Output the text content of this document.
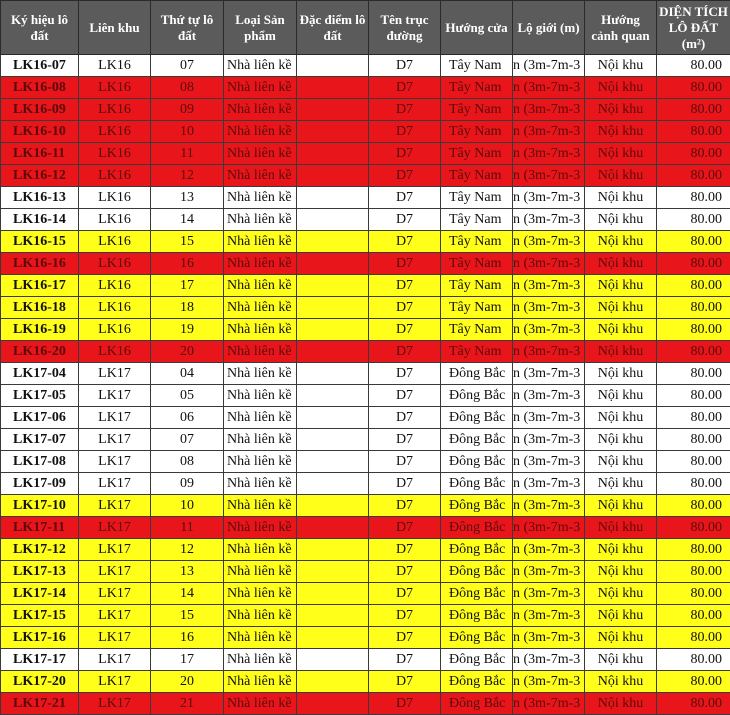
Ký hiệu lô đất	Liên khu	Thứ tự lô đất	Loại Sản phẩm	Đặc điểm lô đất	Tên trục đường	Hướng cửa	Lộ giới (m)	Hướng cảnh quan	DIỆN TÍCH LÔ ĐẤT (m²)
LK16-07	LK16	07	Nhà liên kề		D7	Tây Nam	n (3m-7m-3	Nội khu	80.00
LK16-08	LK16	08	Nhà liên kề		D7	Tây Nam	n (3m-7m-3	Nội khu	80.00
LK16-09	LK16	09	Nhà liên kề		D7	Tây Nam	n (3m-7m-3	Nội khu	80.00
LK16-10	LK16	10	Nhà liên kề		D7	Tây Nam	n (3m-7m-3	Nội khu	80.00
LK16-11	LK16	11	Nhà liên kề		D7	Tây Nam	n (3m-7m-3	Nội khu	80.00
LK16-12	LK16	12	Nhà liên kề		D7	Tây Nam	n (3m-7m-3	Nội khu	80.00
LK16-13	LK16	13	Nhà liên kề		D7	Tây Nam	n (3m-7m-3	Nội khu	80.00
LK16-14	LK16	14	Nhà liên kề		D7	Tây Nam	n (3m-7m-3	Nội khu	80.00
LK16-15	LK16	15	Nhà liên kề		D7	Tây Nam	n (3m-7m-3	Nội khu	80.00
LK16-16	LK16	16	Nhà liên kề		D7	Tây Nam	n (3m-7m-3	Nội khu	80.00
LK16-17	LK16	17	Nhà liên kề		D7	Tây Nam	n (3m-7m-3	Nội khu	80.00
LK16-18	LK16	18	Nhà liên kề		D7	Tây Nam	n (3m-7m-3	Nội khu	80.00
LK16-19	LK16	19	Nhà liên kề		D7	Tây Nam	n (3m-7m-3	Nội khu	80.00
LK16-20	LK16	20	Nhà liên kề		D7	Tây Nam	n (3m-7m-3	Nội khu	80.00
LK17-04	LK17	04	Nhà liên kề		D7	Đông Bắc	n (3m-7m-3	Nội khu	80.00
LK17-05	LK17	05	Nhà liên kề		D7	Đông Bắc	n (3m-7m-3	Nội khu	80.00
LK17-06	LK17	06	Nhà liên kề		D7	Đông Bắc	n (3m-7m-3	Nội khu	80.00
LK17-07	LK17	07	Nhà liên kề		D7	Đông Bắc	n (3m-7m-3	Nội khu	80.00
LK17-08	LK17	08	Nhà liên kề		D7	Đông Bắc	n (3m-7m-3	Nội khu	80.00
LK17-09	LK17	09	Nhà liên kề		D7	Đông Bắc	n (3m-7m-3	Nội khu	80.00
LK17-10	LK17	10	Nhà liên kề		D7	Đông Bắc	n (3m-7m-3	Nội khu	80.00
LK17-11	LK17	11	Nhà liên kề		D7	Đông Bắc	n (3m-7m-3	Nội khu	80.00
LK17-12	LK17	12	Nhà liên kề		D7	Đông Bắc	n (3m-7m-3	Nội khu	80.00
LK17-13	LK17	13	Nhà liên kề		D7	Đông Bắc	n (3m-7m-3	Nội khu	80.00
LK17-14	LK17	14	Nhà liên kề		D7	Đông Bắc	n (3m-7m-3	Nội khu	80.00
LK17-15	LK17	15	Nhà liên kề		D7	Đông Bắc	n (3m-7m-3	Nội khu	80.00
LK17-16	LK17	16	Nhà liên kề		D7	Đông Bắc	n (3m-7m-3	Nội khu	80.00
LK17-17	LK17	17	Nhà liên kề		D7	Đông Bắc	n (3m-7m-3	Nội khu	80.00
LK17-20	LK17	20	Nhà liên kề		D7	Đông Bắc	n (3m-7m-3	Nội khu	80.00
LK17-21	LK17	21	Nhà liên kề		D7	Đông Bắc	n (3m-7m-3	Nội khu	80.00
